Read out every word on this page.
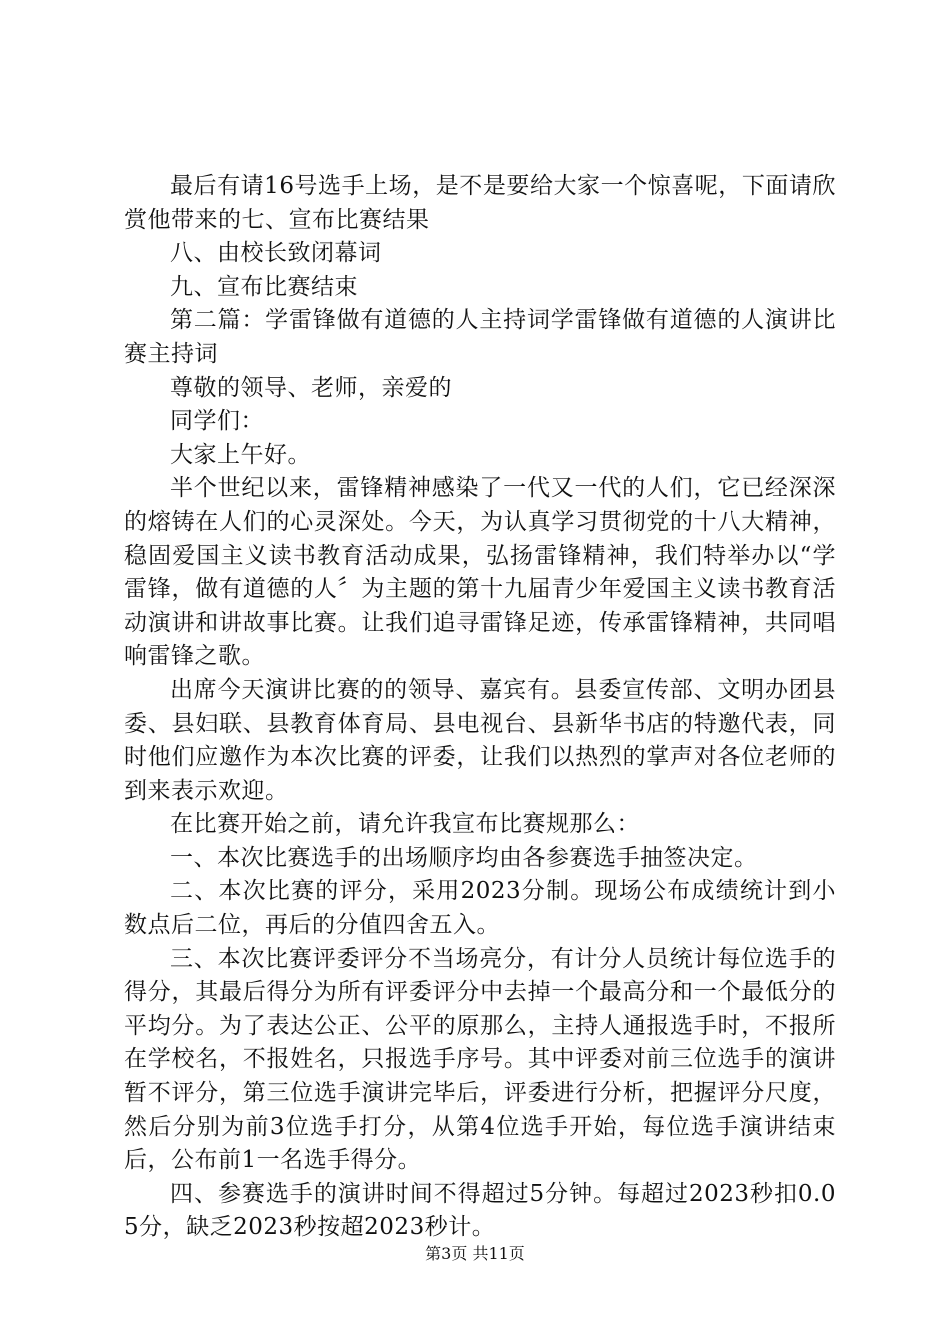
最后有请16号选手上场，是不是要给大家一个惊喜呢，下面请欣赏他带来的七、宣布比赛结果

八、由校长致闭幕词

九、宣布比赛结束

第二篇：学雷锋做有道德的人主持词学雷锋做有道德的人演讲比赛主持词

尊敬的领导、老师，亲爱的

同学们：

大家上午好。

半个世纪以来，雷锋精神感染了一代又一代的人们，它已经深深的熔铸在人们的心灵深处。今天，为认真学习贯彻党的十八大精神，稳固爱国主义读书教育活动成果，弘扬雷锋精神，我们特举办以“学雷锋，做有道德的人〞为主题的第十九届青少年爱国主义读书教育活动演讲和讲故事比赛。让我们追寻雷锋足迹，传承雷锋精神，共同唱响雷锋之歌。

出席今天演讲比赛的的领导、嘉宾有。县委宣传部、文明办团县委、县妇联、县教育体育局、县电视台、县新华书店的特邀代表，同时他们应邀作为本次比赛的评委，让我们以热烈的掌声对各位老师的到来表示欢迎。

在比赛开始之前，请允许我宣布比赛规那么：

一、本次比赛选手的出场顺序均由各参赛选手抽签决定。

二、本次比赛的评分，采用2023分制。现场公布成绩统计到小数点后二位，再后的分值四舍五入。

三、本次比赛评委评分不当场亮分，有计分人员统计每位选手的得分，其最后得分为所有评委评分中去掉一个最高分和一个最低分的平均分。为了表达公正、公平的原那么，主持人通报选手时，不报所在学校名，不报姓名，只报选手序号。其中评委对前三位选手的演讲暂不评分，第三位选手演讲完毕后，评委进行分析，把握评分尺度，然后分别为前3位选手打分，从第4位选手开始，每位选手演讲结束后，公布前1一名选手得分。

四、参赛选手的演讲时间不得超过5分钟。每超过2023秒扣0.05分，缺乏2023秒按超2023秒计。

第3页 共11页
